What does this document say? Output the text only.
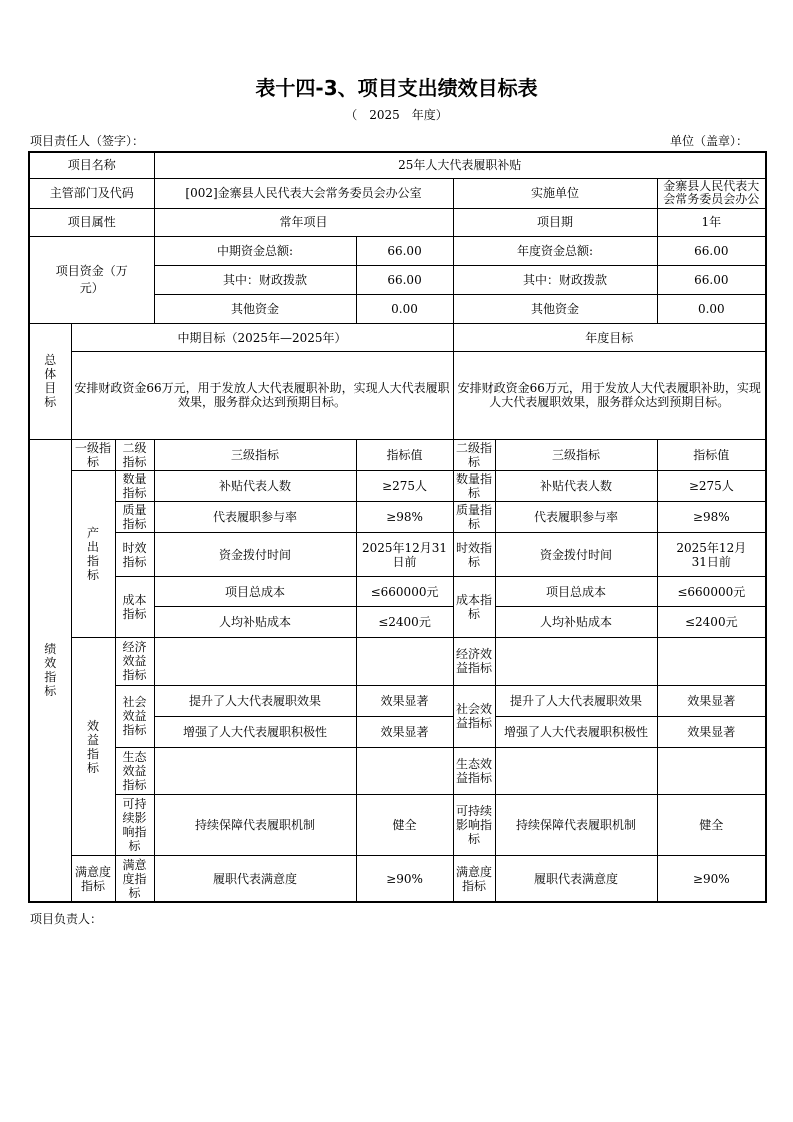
表十四-3、项目支出绩效目标表
（　2025　年度）
项目责任人（签字）：	单位（盖章）：
项目名称			25年人大代表履职补贴				
主管部门及代码			[002]金寨县人民代表大会常务委员会办公室		实施单位		金寨县人民代表大会常务委员会办公
项目属性			常年项目		项目期		1年
项目资金（万元）			中期资金总额:	66.00	年度资金总额:		66.00
			其中：财政拨款	66.00	其中：财政拨款		66.00
			其他资金	0.00	其他资金		0.00
总体目标	中期目标（2025年—2025年）				年度目标		
	安排财政资金66万元，用于发放人大代表履职补助，实现人大代表履职效果，服务群众达到预期目标。				安排财政资金66万元，用于发放人大代表履职补助，实现人大代表履职效果，服务群众达到预期目标。		
绩效指标	一级指标	二级指标	三级指标	指标值	二级指标	三级指标	指标值
	产出指标	数量指标	补贴代表人数	≥275人	数量指标	补贴代表人数	≥275人
		质量指标	代表履职参与率	≥98%	质量指标	代表履职参与率	≥98%
		时效指标	资金拨付时间	2025年12月31日前	时效指标	资金拨付时间	2025年12月31日前
		成本指标	项目总成本	≤660000元	成本指标	项目总成本	≤660000元
			人均补贴成本	≤2400元		人均补贴成本	≤2400元
	效益指标	经济效益指标			经济效益指标		
		社会效益指标	提升了人大代表履职效果	效果显著	社会效益指标	提升了人大代表履职效果	效果显著
			增强了人大代表履职积极性	效果显著		增强了人大代表履职积极性	效果显著
		生态效益指标			生态效益指标		
		可持续影响指标	持续保障代表履职机制	健全	可持续影响指标	持续保障代表履职机制	健全
	满意度指标	满意度指标	履职代表满意度	≥90%	满意度指标	履职代表满意度	≥90%
项目负责人：
